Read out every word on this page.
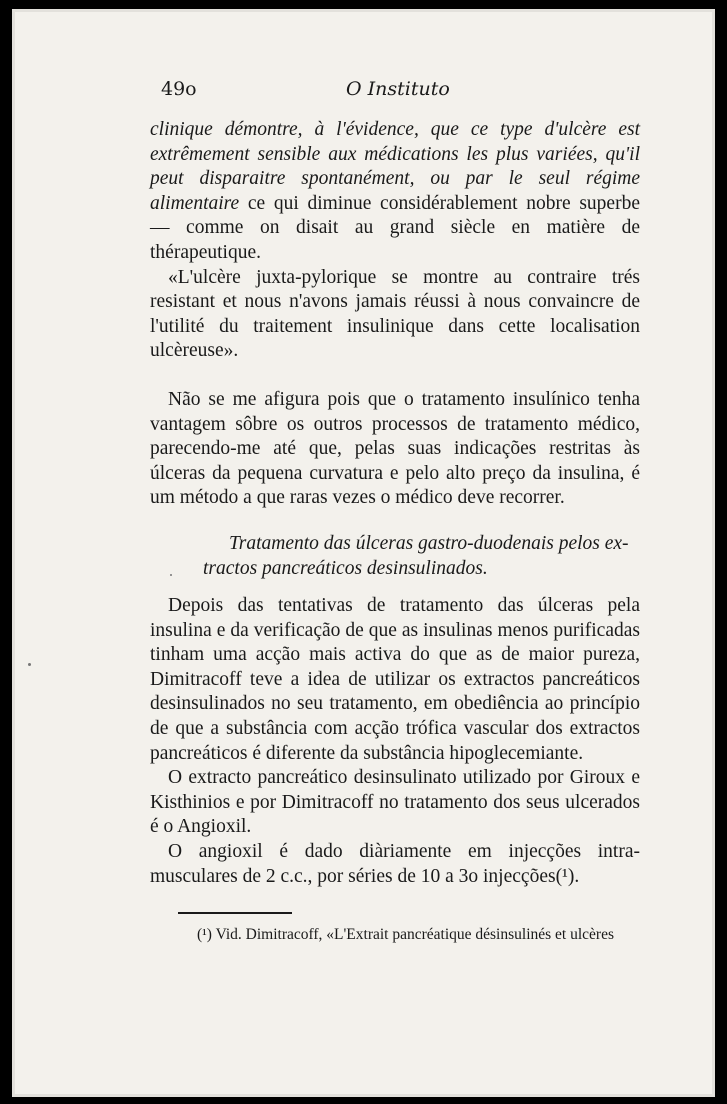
49o	O Instituto

clinique démontre, à l'évidence, que ce type d'ulcère est extrêmement sensible aux médications les plus variées, qu'il peut disparaitre spontanément, ou par le seul régime alimentaire ce qui diminue considérablement nobre superbe — comme on disait au grand siècle en matière de thérapeutique.

«L'ulcère juxta-pylorique se montre au contraire trés resistant et nous n'avons jamais réussi à nous convaincre de l'utilité du traitement insulinique dans cette localisation ulcèreuse».

Não se me afigura pois que o tratamento insulínico tenha vantagem sôbre os outros processos de tratamento médico, parecendo-me até que, pelas suas indicações restritas às úlceras da pequena curvatura e pelo alto preço da insulina, é um método a que raras vezes o médico deve recorrer.

Tratamento das úlceras gastro-duodenais pelos ex-
tractos pancreáticos desinsulinados.

Depois das tentativas de tratamento das úlceras pela insulina e da verificação de que as insulinas menos purificadas tinham uma acção mais activa do que as de maior pureza, Dimitracoff teve a idea de utilizar os extractos pancreáticos desinsulinados no seu tratamento, em obediência ao princípio de que a substância com acção trófica vascular dos extractos pancreáticos é diferente da substância hipoglecemiante.

O extracto pancreático desinsulinato utilizado por Giroux e Kisthinios e por Dimitracoff no tratamento dos seus ulcerados é o Angioxil.

O angioxil é dado diàriamente em injecções intra-musculares de 2 c.c., por séries de 10 a 3o injecções(¹).

(¹) Vid. Dimitracoff, «L'Extrait pancréatique désinsulinés et ulcères
